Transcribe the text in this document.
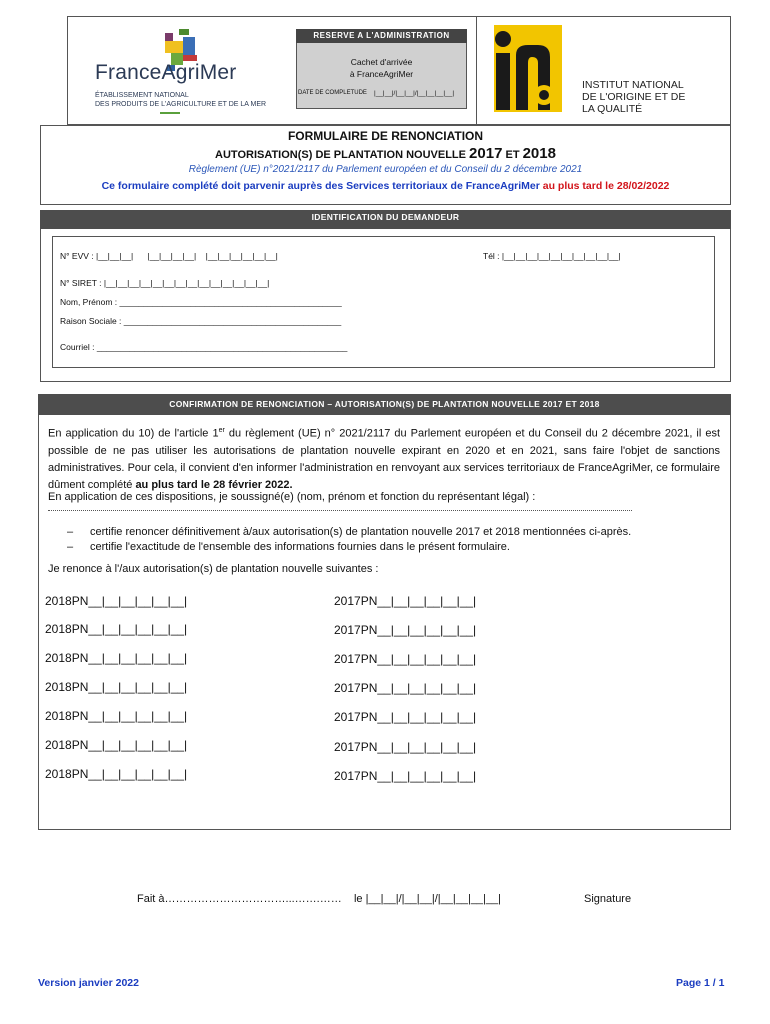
FranceAgriMer
ÉTABLISSEMENT NATIONAL
DES PRODUITS DE L'AGRICULTURE ET DE LA MER
RESERVE A L'ADMINISTRATION
Cachet d'arrivée
à FranceAgriMer
DATE DE COMPLETUDE |__|__|/|__|__|/|__|__|__|__|
INSTITUT NATIONAL
DE L'ORIGINE ET DE
LA QUALITÉ
FORMULAIRE DE RENONCIATION
AUTORISATION(S) DE PLANTATION NOUVELLE 2017 ET 2018
Règlement (UE) n°2021/2117 du Parlement européen et du Conseil du 2 décembre 2021
Ce formulaire complété doit parvenir auprès des Services territoriaux de FranceAgriMer au plus tard le 28/02/2022
IDENTIFICATION DU DEMANDEUR
N° EVV : |__|__|__|      |__|__|__|__|    |__|__|__|__|__|__|	Tél : |__|__|__|__|__|__|__|__|__|__|
N° SIRET : |__|__|__|__|__|__|__|__|__|__|__|__|__|__|
Nom, Prénom : _______________________________________________
Raison Sociale : ______________________________________________
Courriel : _____________________________________________________
CONFIRMATION DE RENONCIATION – AUTORISATION(S) DE PLANTATION NOUVELLE 2017 ET 2018
En application du 10) de l'article 1er du règlement (UE) n° 2021/2117 du Parlement européen et du Conseil du 2 décembre 2021, il est possible de ne pas utiliser les autorisations de plantation nouvelle expirant en 2020 et en 2021, sans faire l'objet de sanctions administratives. Pour cela, il convient d'en informer l'administration en renvoyant aux services territoriaux de FranceAgriMer, ce formulaire dûment complété au plus tard le 28 février 2022.
En application de ces dispositions, je soussigné(e) (nom, prénom et fonction du représentant légal) :
– certifie renoncer définitivement à/aux autorisation(s) de plantation nouvelle 2017 et 2018 mentionnées ci-après.
– certifie l'exactitude de l'ensemble des informations fournies dans le présent formulaire.
Je renonce à l'/aux autorisation(s) de plantation nouvelle suivantes :
2018PN__|__|__|__|__|__|	2017PN__|__|__|__|__|__|
2018PN__|__|__|__|__|__|	2017PN__|__|__|__|__|__|
2018PN__|__|__|__|__|__|	2017PN__|__|__|__|__|__|
2018PN__|__|__|__|__|__|	2017PN__|__|__|__|__|__|
2018PN__|__|__|__|__|__|	2017PN__|__|__|__|__|__|
2018PN__|__|__|__|__|__|	2017PN__|__|__|__|__|__|
2018PN__|__|__|__|__|__|	2017PN__|__|__|__|__|__|
Fait à……………………………...…….……    le |__|__|/|__|__|/|__|__|__|__|	Signature
Version janvier 2022	Page 1 / 1
